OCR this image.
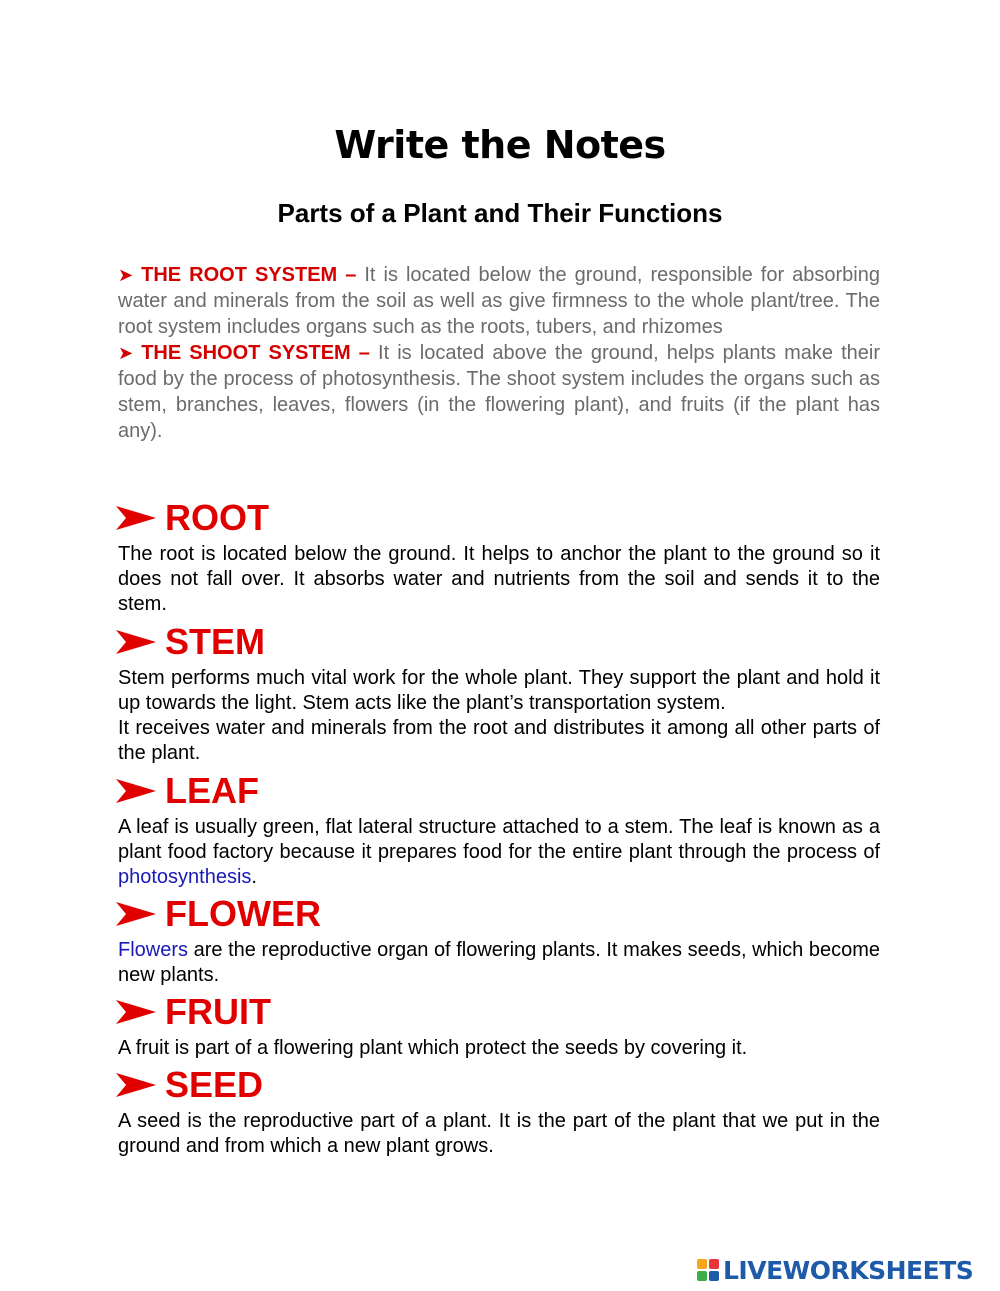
Write the Notes
Parts of a Plant and Their Functions

➤ THE ROOT SYSTEM – It is located below the ground, responsible for absorbing water and minerals from the soil as well as give firmness to the whole plant/tree. The root system includes organs such as the roots, tubers, and rhizomes

➤ THE SHOOT SYSTEM – It is located above the ground, helps plants make their food by the process of photosynthesis. The shoot system includes the organs such as stem, branches, leaves, flowers (in the flowering plant), and fruits (if the plant has any).

ROOT

The root is located below the ground. It helps to anchor the plant to the ground so it does not fall over. It absorbs water and nutrients from the soil and sends it to the stem.

STEM

Stem performs much vital work for the whole plant. They support the plant and hold it up towards the light. Stem acts like the plant’s transportation system.

It receives water and minerals from the root and distributes it among all other parts of the plant.

LEAF

A leaf is usually green, flat lateral structure attached to a stem. The leaf is known as a plant food factory because it prepares food for the entire plant through the process of photosynthesis.

FLOWER

Flowers are the reproductive organ of flowering plants. It makes seeds, which become new plants.

FRUIT

A fruit is part of a flowering plant which protect the seeds by covering it.

SEED

A seed is the reproductive part of a plant. It is the part of the plant that we put in the ground and from which a new plant grows.

LIVEWORKSHEETS
